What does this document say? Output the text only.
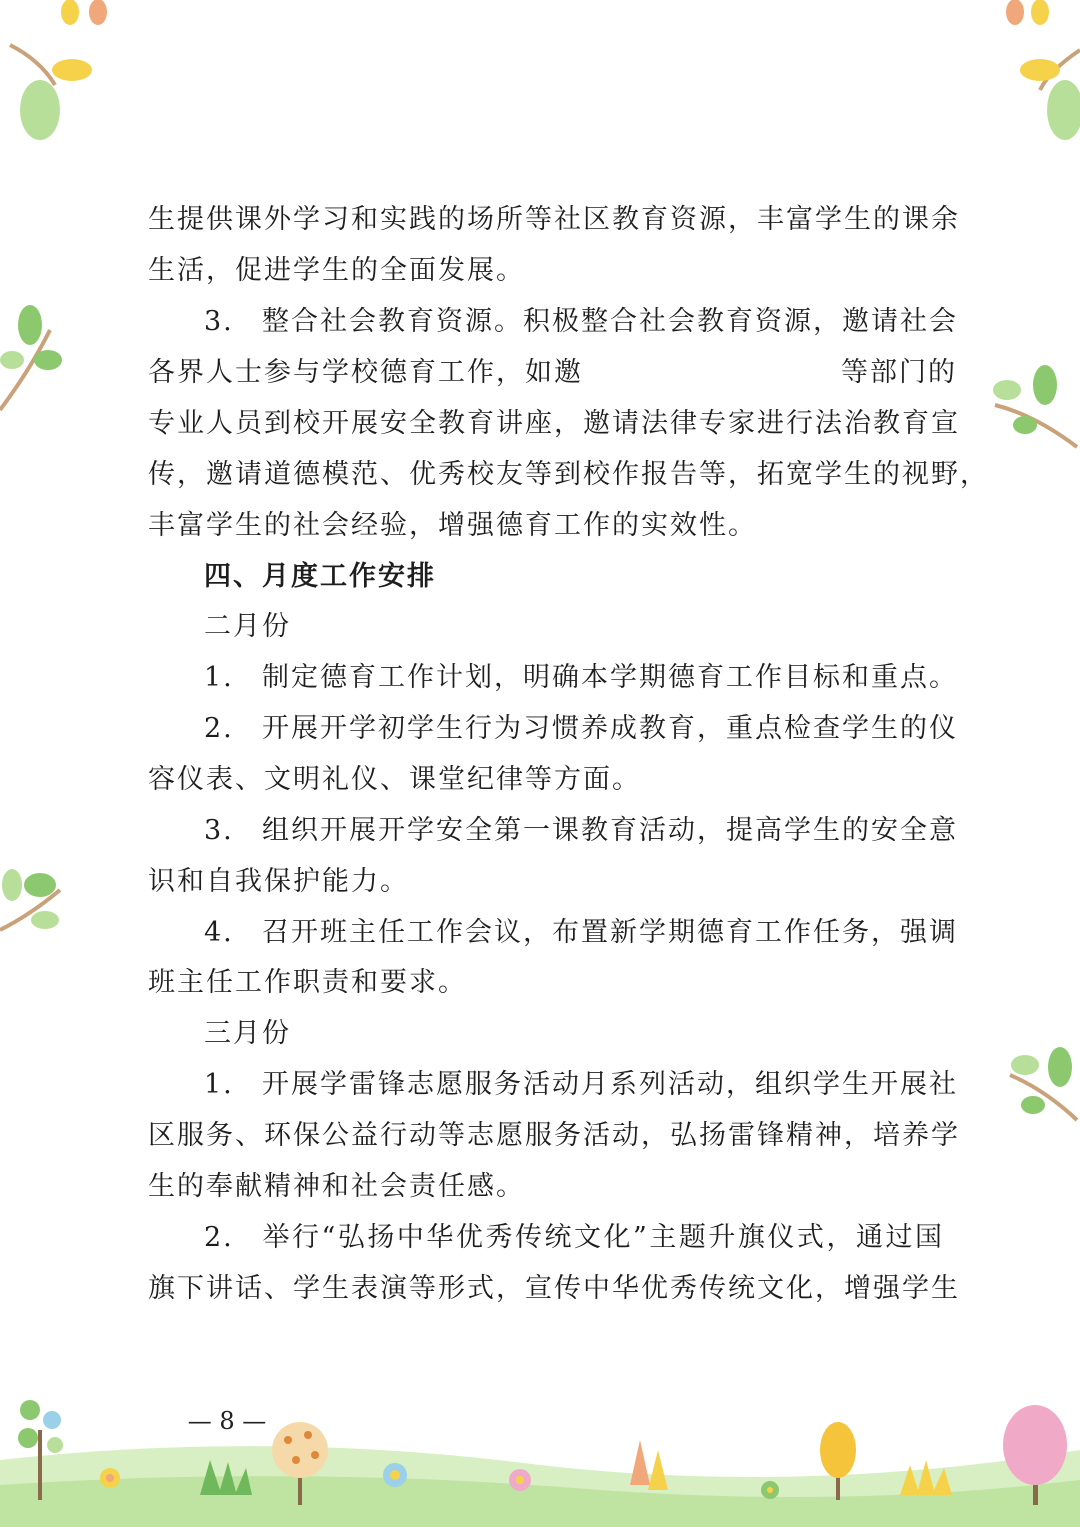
生提供课外学习和实践的场所等社区教育资源，丰富学生的课余
生活，促进学生的全面发展。
3. 整合社会教育资源。积极整合社会教育资源，邀请社会
各界人士参与学校德育工作，如邀	等部门的
专业人员到校开展安全教育讲座，邀请法律专家进行法治教育宣
传，邀请道德模范、优秀校友等到校作报告等，拓宽学生的视野，
丰富学生的社会经验，增强德育工作的实效性。
四、月度工作安排
二月份
1. 制定德育工作计划，明确本学期德育工作目标和重点。
2. 开展开学初学生行为习惯养成教育，重点检查学生的仪
容仪表、文明礼仪、课堂纪律等方面。
3. 组织开展开学安全第一课教育活动，提高学生的安全意
识和自我保护能力。
4. 召开班主任工作会议，布置新学期德育工作任务，强调
班主任工作职责和要求。
三月份
1. 开展学雷锋志愿服务活动月系列活动，组织学生开展社
区服务、环保公益行动等志愿服务活动，弘扬雷锋精神，培养学
生的奉献精神和社会责任感。
2. 举行“弘扬中华优秀传统文化”主题升旗仪式，通过国
旗下讲话、学生表演等形式，宣传中华优秀传统文化，增强学生
— 8 —
